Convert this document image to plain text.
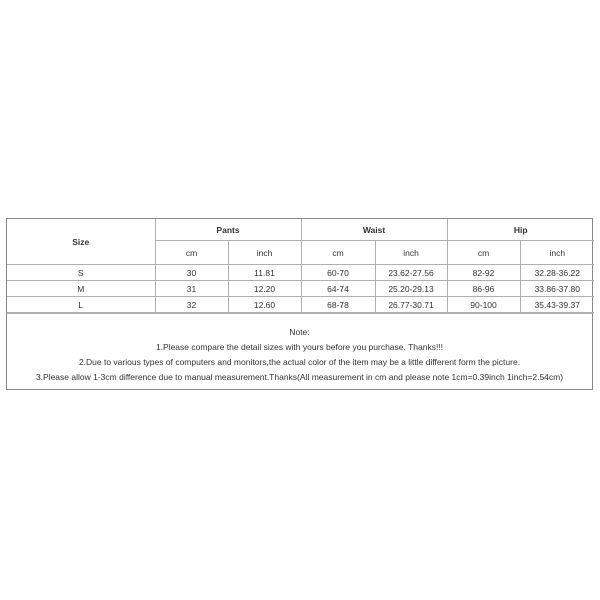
Size	Pants		Waist		Hip	
	cm	inch	cm	inch	cm	inch
S	30	11.81	60-70	23.62-27.56	82-92	32.28-36.22
M	31	12.20	64-74	25.20-29.13	86-96	33.86-37.80
L	32	12.60	68-78	26.77-30.71	90-100	35.43-39.37
Note:
1.Please compare the detail sizes with yours before you purchase. Thanks!!!
2.Due to various types of computers and monitors,the actual color of the item may be a little different form the picture.
3.Please allow 1-3cm difference due to manual measurement.Thanks(All measurement in cm and please note 1cm=0.39inch 1inch=2.54cm)
